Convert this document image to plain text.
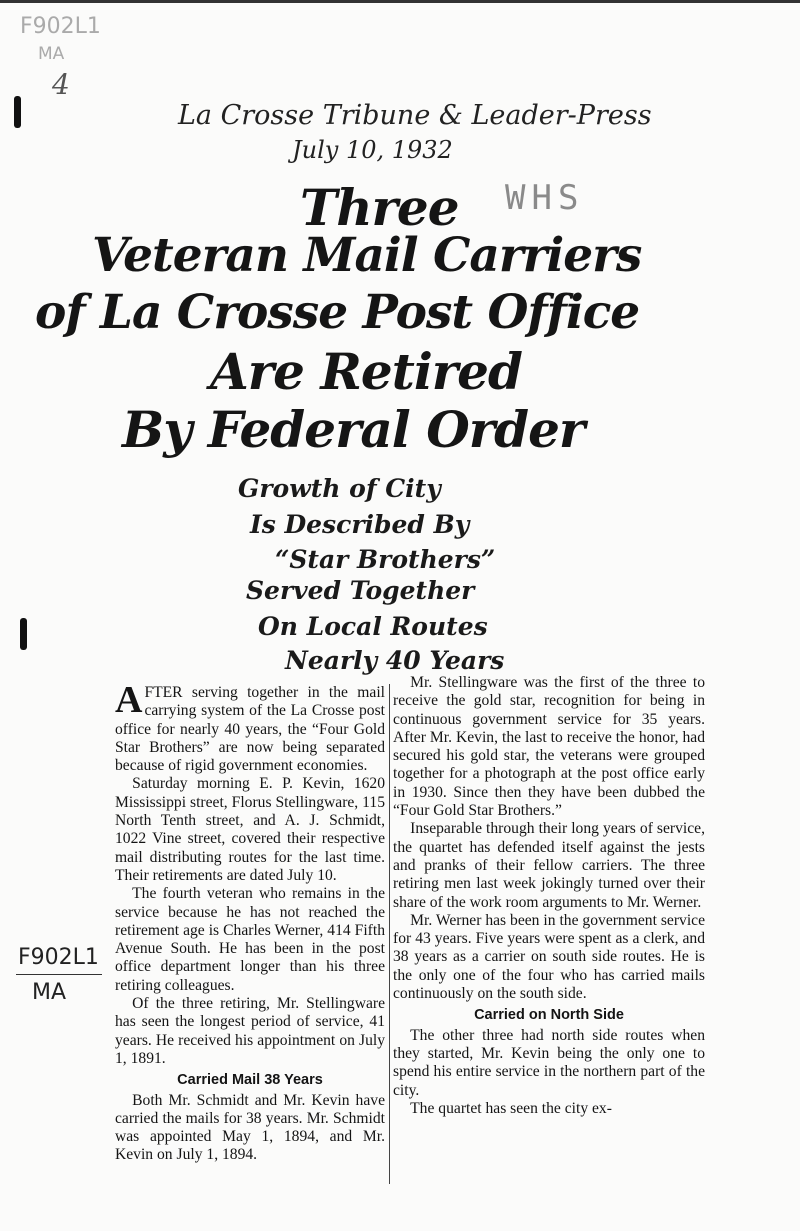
F902L1
MA
4
La Crosse Tribune & Leader-Press
July 10, 1932
WHS
Three
Veteran Mail Carriers
of La Crosse Post Office
Are Retired
By Federal Order
Growth of City
Is Described By
“Star Brothers”
Served Together
On Local Routes
Nearly 40 Years

AFTER serving together in the mail carrying system of the La Crosse post office for nearly 40 years, the “Four Gold Star Brothers” are now being separated because of rigid government economies.

Saturday morning E. P. Kevin, 1620 Mississippi street, Florus Stellingware, 115 North Tenth street, and A. J. Schmidt, 1022 Vine street, covered their respective mail distributing routes for the last time. Their retirements are dated July 10.

The fourth veteran who remains in the service because he has not reached the retirement age is Charles Werner, 414 Fifth Avenue South. He has been in the post office department longer than his three retiring colleagues.

Of the three retiring, Mr. Stellingware has seen the longest period of service, 41 years. He received his appointment on July 1, 1891.

Carried Mail 38 Years

Both Mr. Schmidt and Mr. Kevin have carried the mails for 38 years. Mr. Schmidt was appointed May 1, 1894, and Mr. Kevin on July 1, 1894.

Mr. Stellingware was the first of the three to receive the gold star, recognition for being in continuous government service for 35 years. After Mr. Kevin, the last to receive the honor, had secured his gold star, the veterans were grouped together for a photograph at the post office early in 1930. Since then they have been dubbed the “Four Gold Star Brothers.”

Inseparable through their long years of service, the quartet has defended itself against the jests and pranks of their fellow carriers. The three retiring men last week jokingly turned over their share of the work room arguments to Mr. Werner.

Mr. Werner has been in the government service for 43 years. Five years were spent as a clerk, and 38 years as a carrier on south side routes. He is the only one of the four who has carried mails continuously on the south side.

Carried on North Side

The other three had north side routes when they started, Mr. Kevin being the only one to spend his entire service in the northern part of the city.

The quartet has seen the city ex-

F902L1
MA
